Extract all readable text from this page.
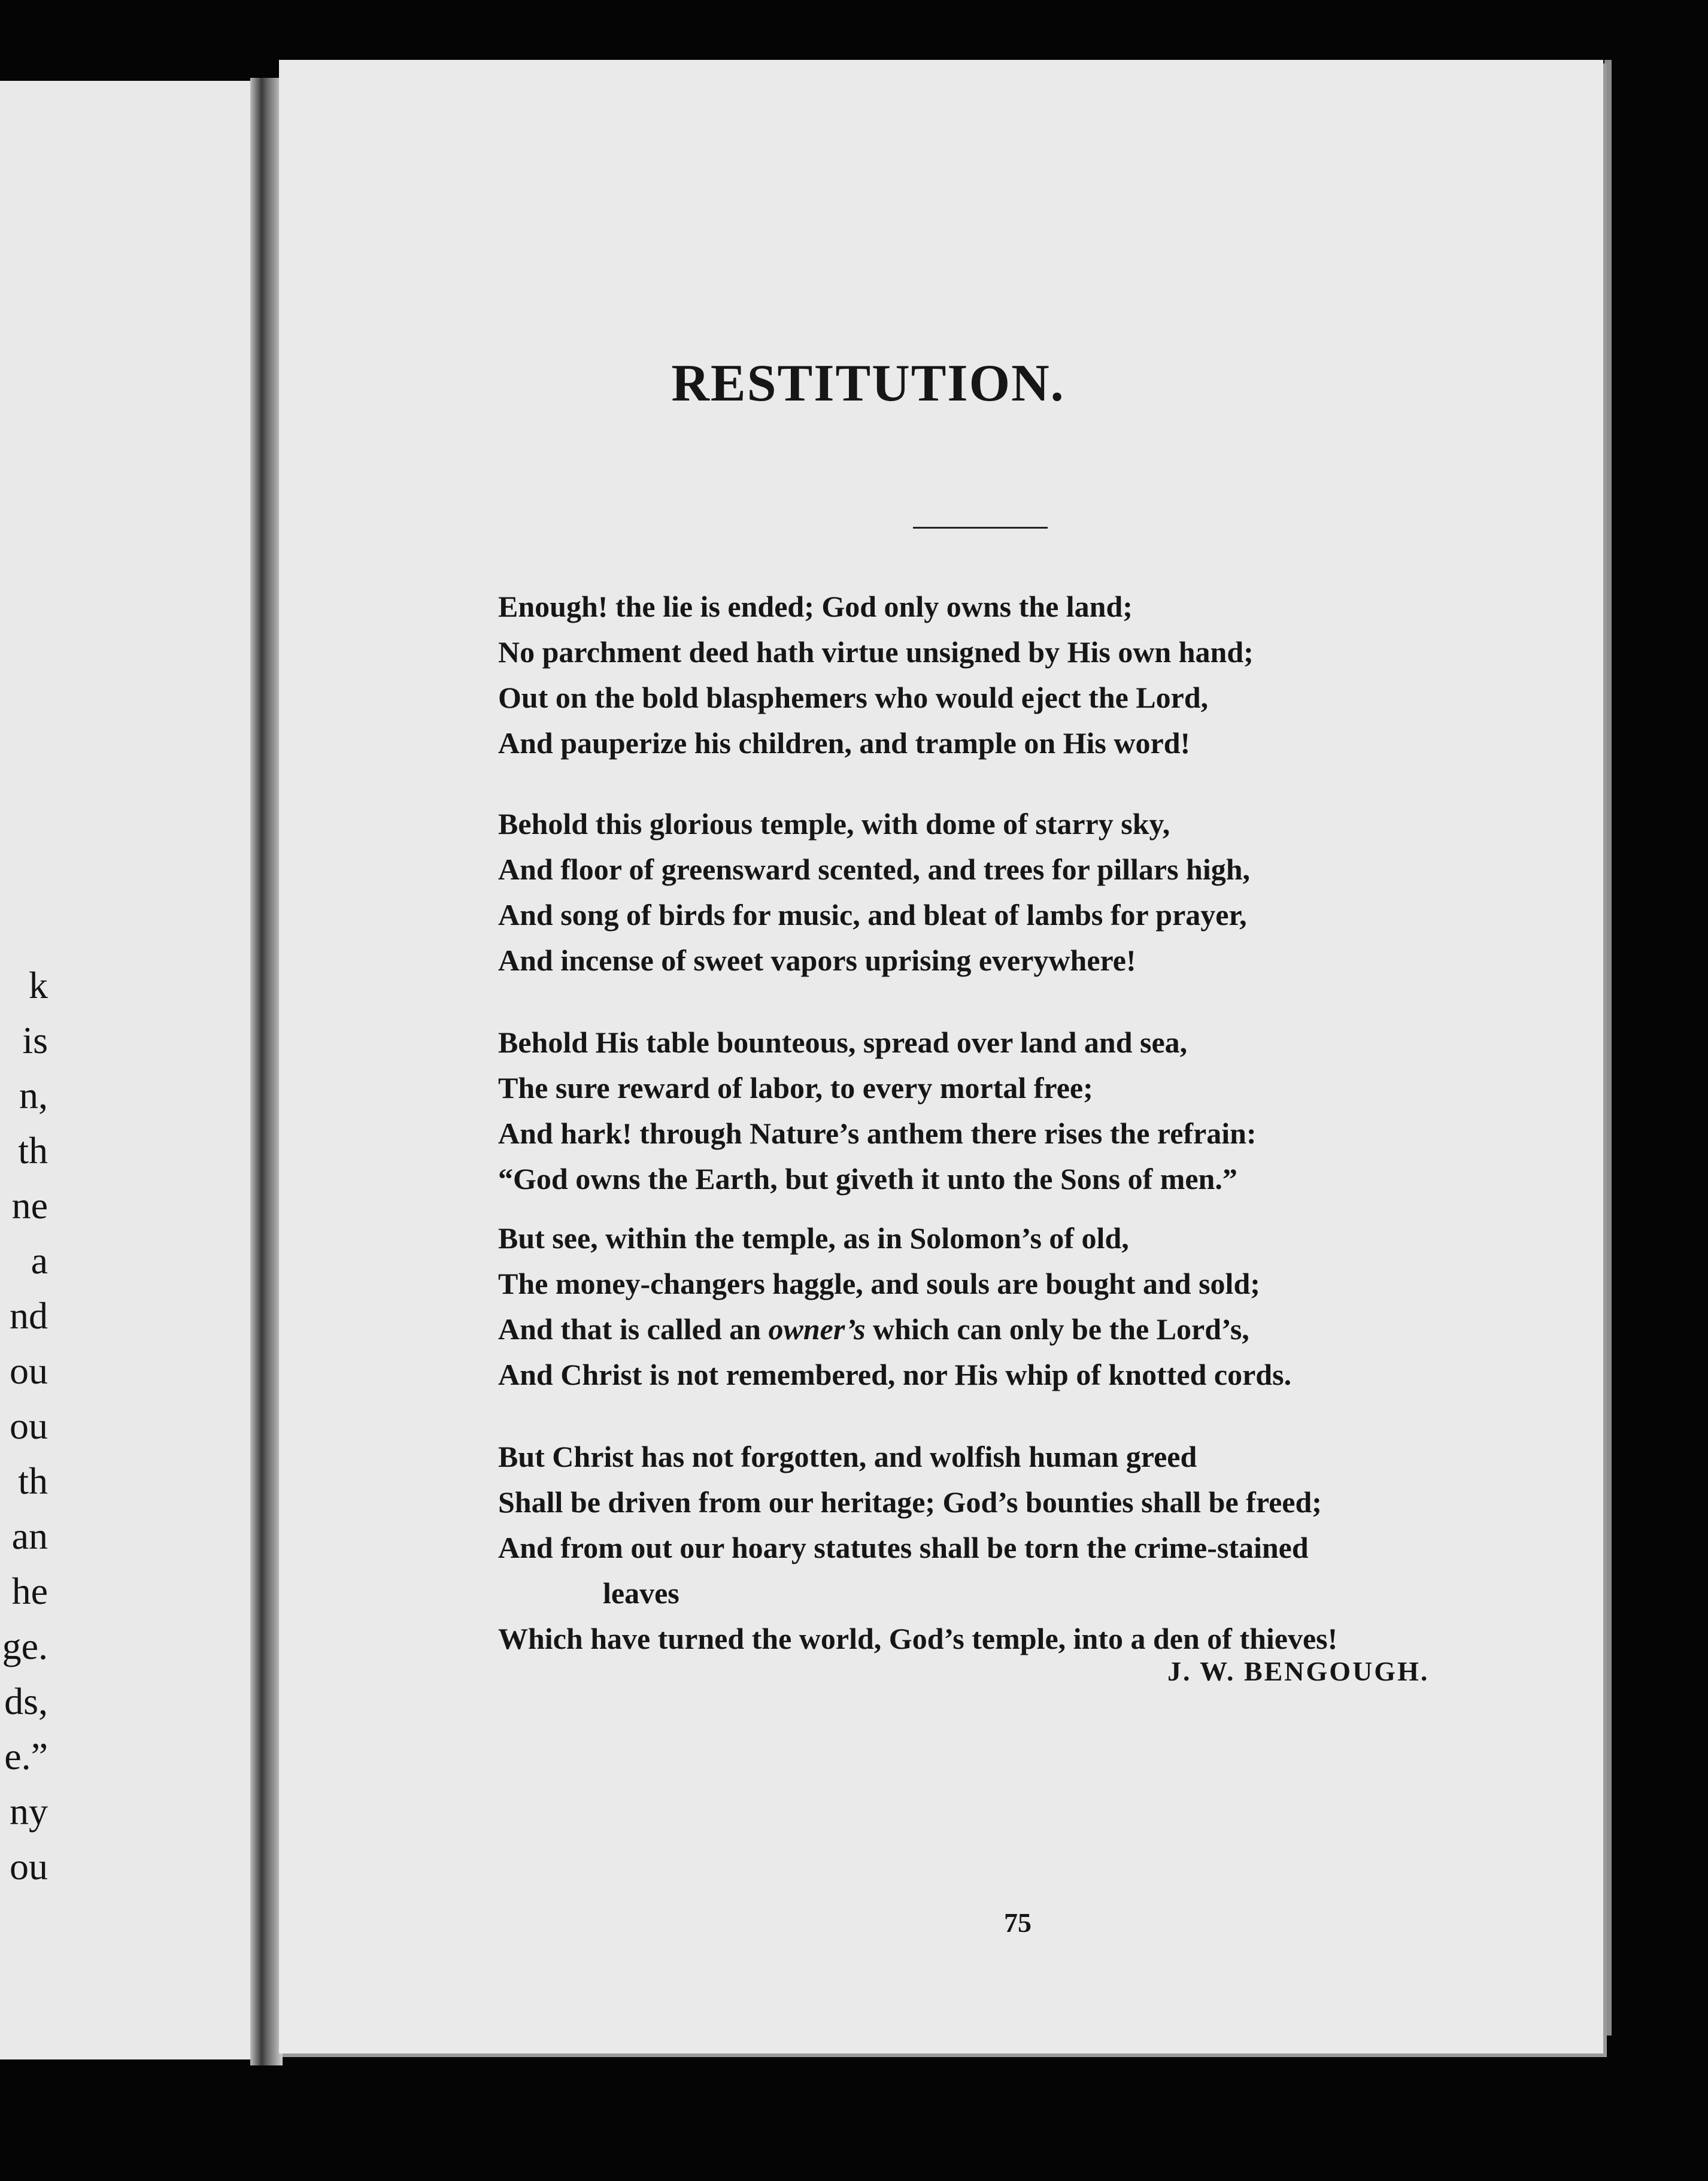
k
is
n,
th
ne
a
nd
ou
ou
th
an
he
ge.
ds,
e.”
ny
ou
RESTITUTION.
Enough! the lie is ended; God only owns the land;
No parchment deed hath virtue unsigned by His own hand;
Out on the bold blasphemers who would eject the Lord,
And pauperize his children, and trample on His word!
Behold this glorious temple, with dome of starry sky,
And floor of greensward scented, and trees for pillars high,
And song of birds for music, and bleat of lambs for prayer,
And incense of sweet vapors uprising everywhere!
Behold His table bounteous, spread over land and sea,
The sure reward of labor, to every mortal free;
And hark! through Nature’s anthem there rises the refrain:
“God owns the Earth, but giveth it unto the Sons of men.”
But see, within the temple, as in Solomon’s of old,
The money-changers haggle, and souls are bought and sold;
And that is called an owner’s which can only be the Lord’s,
And Christ is not remembered, nor His whip of knotted cords.
But Christ has not forgotten, and wolfish human greed
Shall be driven from our heritage; God’s bounties shall be freed;
And from out our hoary statutes shall be torn the crime-stained
leaves
Which have turned the world, God’s temple, into a den of thieves!
J. W. BENGOUGH.
75
